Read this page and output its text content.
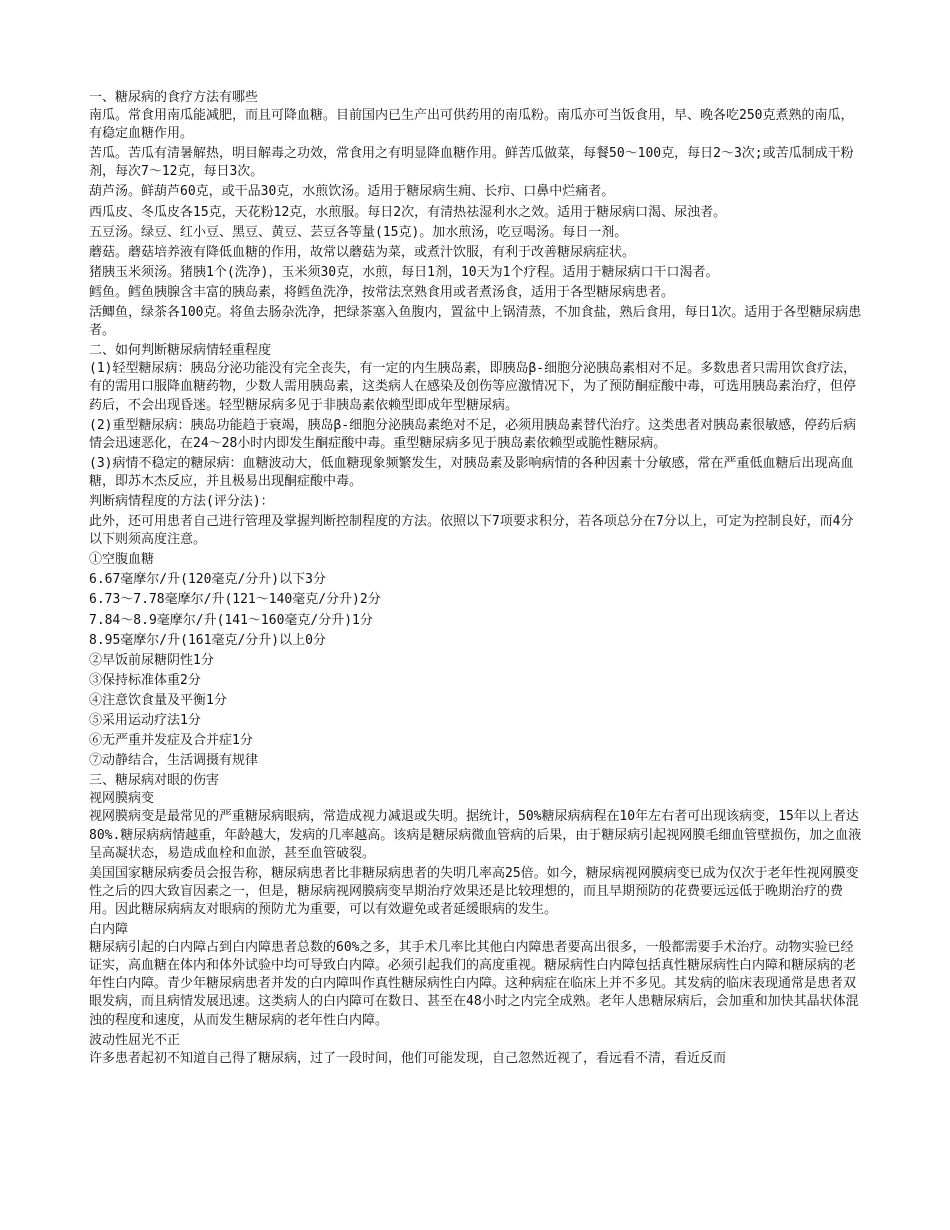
一、糖尿病的食疗方法有哪些
南瓜。常食用南瓜能减肥，而且可降血糖。目前国内已生产出可供药用的南瓜粉。南瓜亦可当饭食用，早、晚各吃250克煮熟的南瓜，有稳定血糖作用。
苦瓜。苦瓜有清暑解热，明目解毒之功效，常食用之有明显降血糖作用。鲜苦瓜做菜，每餐50～100克，每日2～3次;或苦瓜制成干粉剂，每次7～12克，每日3次。
葫芦汤。鲜葫芦60克，或干品30克，水煎饮汤。适用于糖尿病生痈、长疖、口鼻中烂痛者。
西瓜皮、冬瓜皮各15克，天花粉12克，水煎服。每日2次，有清热祛湿利水之效。适用于糖尿病口渴、尿浊者。
五豆汤。绿豆、红小豆、黑豆、黄豆、芸豆各等量(15克)。加水煎汤，吃豆喝汤。每日一剂。
蘑菇。蘑菇培养液有降低血糖的作用，故常以蘑菇为菜，或煮汁饮服，有利于改善糖尿病症状。
猪胰玉米须汤。猪胰1个(洗净)，玉米须30克，水煎，每日1剂，10天为1个疗程。适用于糖尿病口干口渴者。
鳕鱼。鳕鱼胰腺含丰富的胰岛素，将鳕鱼洗净，按常法烹熟食用或者煮汤食，适用于各型糖尿病患者。
活鲫鱼，绿茶各100克。将鱼去肠杂洗净，把绿茶塞入鱼腹内，置盆中上锅清蒸，不加食盐，熟后食用，每日1次。适用于各型糖尿病患者。
二、如何判断糖尿病情轻重程度
(1)轻型糖尿病：胰岛分泌功能没有完全丧失，有一定的内生胰岛素，即胰岛β-细胞分泌胰岛素相对不足。多数患者只需用饮食疗法，有的需用口服降血糖药物，少数人需用胰岛素，这类病人在感染及创伤等应激情况下，为了预防酮症酸中毒，可选用胰岛素治疗，但停药后，不会出现昏迷。轻型糖尿病多见于非胰岛素依赖型即成年型糖尿病。
(2)重型糖尿病：胰岛功能趋于衰竭，胰岛β-细胞分泌胰岛素绝对不足，必须用胰岛素替代治疗。这类患者对胰岛素很敏感，停药后病情会迅速恶化，在24～28小时内即发生酮症酸中毒。重型糖尿病多见于胰岛素依赖型或脆性糖尿病。
(3)病情不稳定的糖尿病：血糖波动大，低血糖现象频繁发生，对胰岛素及影响病情的各种因素十分敏感，常在严重低血糖后出现高血糖，即苏木杰反应，并且极易出现酮症酸中毒。
判断病情程度的方法(评分法)：
此外，还可用患者自己进行管理及掌握判断控制程度的方法。依照以下7项要求积分，若各项总分在7分以上，可定为控制良好，而4分以下则须高度注意。
①空腹血糖
6.67毫摩尔/升(120毫克/分升)以下3分
6.73～7.78毫摩尔/升(121～140毫克/分升)2分
7.84～8.9毫摩尔/升(141～160毫克/分升)1分
8.95毫摩尔/升(161毫克/分升)以上0分
②早饭前尿糖阴性1分
③保持标准体重2分
④注意饮食量及平衡1分
⑤采用运动疗法1分
⑥无严重并发症及合并症1分
⑦动静结合，生活调摄有规律
三、糖尿病对眼的伤害
视网膜病变
视网膜病变是最常见的严重糖尿病眼病，常造成视力减退或失明。据统计，50%糖尿病病程在10年左右者可出现该病变，15年以上者达80%.糖尿病病情越重，年龄越大，发病的几率越高。该病是糖尿病微血管病的后果，由于糖尿病引起视网膜毛细血管壁损伤，加之血液呈高凝状态，易造成血栓和血淤，甚至血管破裂。
美国国家糖尿病委员会报告称，糖尿病患者比非糖尿病患者的失明几率高25倍。如今，糖尿病视网膜病变已成为仅次于老年性视网膜变性之后的四大致盲因素之一，但是，糖尿病视网膜病变早期治疗效果还是比较理想的，而且早期预防的花费要远远低于晚期治疗的费用。因此糖尿病病友对眼病的预防尤为重要，可以有效避免或者延缓眼病的发生。
白内障
糖尿病引起的白内障占到白内障患者总数的60%之多，其手术几率比其他白内障患者要高出很多，一般都需要手术治疗。动物实验已经证实，高血糖在体内和体外试验中均可导致白内障。必须引起我们的高度重视。糖尿病性白内障包括真性糖尿病性白内障和糖尿病的老年性白内障。青少年糖尿病患者并发的白内障叫作真性糖尿病性白内障。这种病症在临床上并不多见。其发病的临床表现通常是患者双眼发病，而且病情发展迅速。这类病人的白内障可在数日、甚至在48小时之内完全成熟。老年人患糖尿病后，会加重和加快其晶状体混浊的程度和速度，从而发生糖尿病的老年性白内障。
波动性屈光不正
许多患者起初不知道自己得了糖尿病，过了一段时间，他们可能发现，自己忽然近视了，看远看不清，看近反而
